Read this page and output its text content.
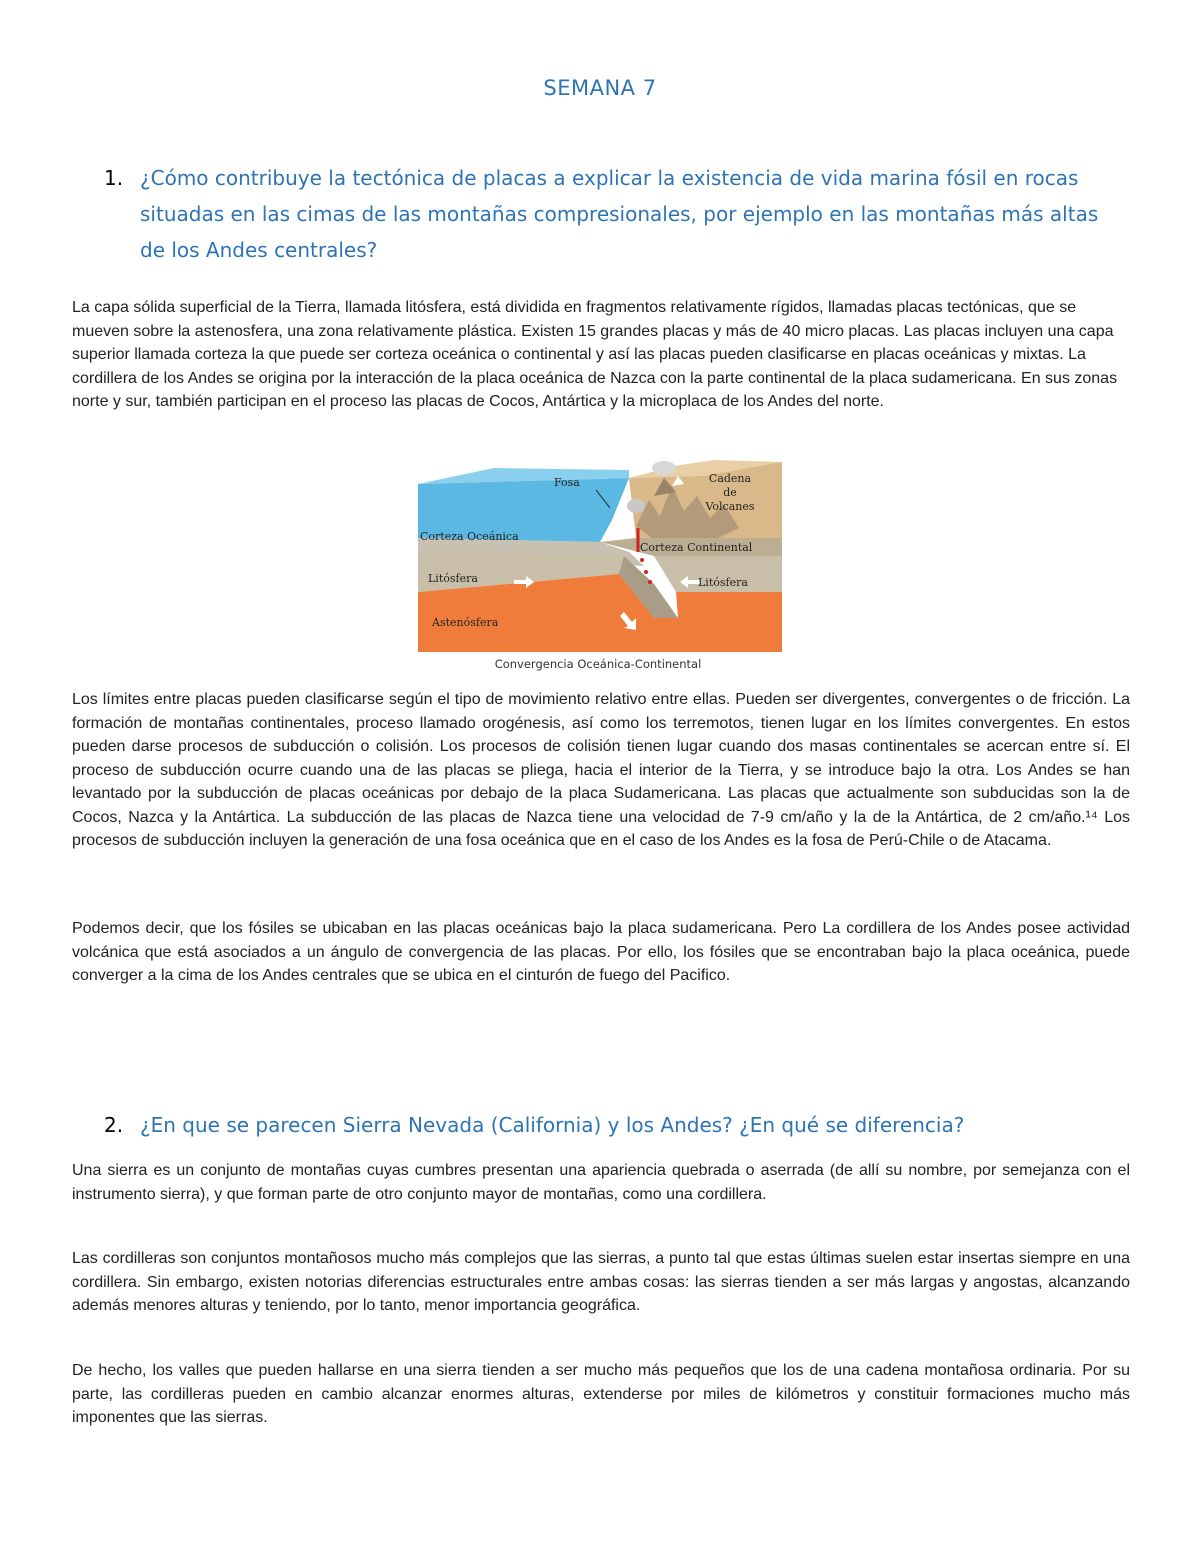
SEMANA 7
1. ¿Cómo contribuye la tectónica de placas a explicar la existencia de vida marina fósil en rocas situadas en las cimas de las montañas compresionales, por ejemplo en las montañas más altas de los Andes centrales?
La capa sólida superficial de la Tierra, llamada litósfera, está dividida en fragmentos relativamente rígidos, llamadas placas tectónicas, que se mueven sobre la astenosfera, una zona relativamente plástica. Existen 15 grandes placas y más de 40 micro placas. Las placas incluyen una capa superior llamada corteza la que puede ser corteza oceánica o continental y así las placas pueden clasificarse en placas oceánicas y mixtas. La cordillera de los Andes se origina por la interacción de la placa oceánica de Nazca con la parte continental de la placa sudamericana. En sus zonas norte y sur, también participan en el proceso las placas de Cocos, Antártica y la microplaca de los Andes del norte.
Fosa	Cadena
de
Volcanes
Corteza Oceánica
Corteza Continental
Litósfera	Litósfera
Astenósfera
Convergencia Oceánica-Continental
Los límites entre placas pueden clasificarse según el tipo de movimiento relativo entre ellas. Pueden ser divergentes, convergentes o de fricción. La formación de montañas continentales, proceso llamado orogénesis, así como los terremotos, tienen lugar en los límites convergentes. En estos pueden darse procesos de subducción o colisión. Los procesos de colisión tienen lugar cuando dos masas continentales se acercan entre sí. El proceso de subducción ocurre cuando una de las placas se pliega, hacia el interior de la Tierra, y se introduce bajo la otra. Los Andes se han levantado por la subducción de placas oceánicas por debajo de la placa Sudamericana. Las placas que actualmente son subducidas son la de Cocos, Nazca y la Antártica. La subducción de las placas de Nazca tiene una velocidad de 7-9 cm/año y la de la Antártica, de 2 cm/año.¹⁴ Los procesos de subducción incluyen la generación de una fosa oceánica que en el caso de los Andes es la fosa de Perú-Chile o de Atacama.
Podemos decir, que los fósiles se ubicaban en las placas oceánicas bajo la placa sudamericana. Pero La cordillera de los Andes posee actividad volcánica que está asociados a un ángulo de convergencia de las placas. Por ello, los fósiles que se encontraban bajo la placa oceánica, puede converger a la cima de los Andes centrales que se ubica en el cinturón de fuego del Pacifico.
2. ¿En que se parecen Sierra Nevada (California) y los Andes? ¿En qué se diferencia?
Una sierra es un conjunto de montañas cuyas cumbres presentan una apariencia quebrada o aserrada (de allí su nombre, por semejanza con el instrumento sierra), y que forman parte de otro conjunto mayor de montañas, como una cordillera.
Las cordilleras son conjuntos montañosos mucho más complejos que las sierras, a punto tal que estas últimas suelen estar insertas siempre en una cordillera. Sin embargo, existen notorias diferencias estructurales entre ambas cosas: las sierras tienden a ser más largas y angostas, alcanzando además menores alturas y teniendo, por lo tanto, menor importancia geográfica.
De hecho, los valles que pueden hallarse en una sierra tienden a ser mucho más pequeños que los de una cadena montañosa ordinaria. Por su parte, las cordilleras pueden en cambio alcanzar enormes alturas, extenderse por miles de kilómetros y constituir formaciones mucho más imponentes que las sierras.
